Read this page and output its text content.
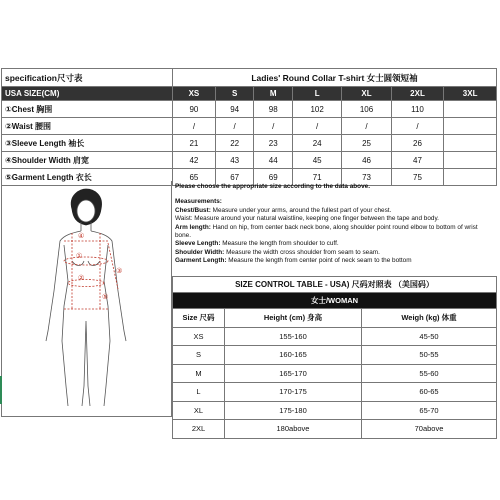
specification尺寸表	Ladies' Round Collar T-shirt 女士圆领短袖						
USA SIZE(CM)	XS	S	M	L	XL	2XL	3XL
①Chest 胸围	90	94	98	102	106	110	
②Waist 腰围	/	/	/	/	/	/	
③Sleeve Length 袖长	21	22	23	24	25	26	
④Shoulder Width 肩宽	42	43	44	45	46	47	
⑤Garment Length 衣长	65	67	69	71	73	75	
④
①
②
③
⑤
Please choose the appropriate size according to the data above.
Measurements:
Chest/Bust: Measure under your arms, around the fullest part of your chest.
Waist: Measure around your natural waistline, keeping one finger between the tape and body.
Arm length: Hand on hip, from center back neck bone, along shoulder point round elbow to bottom of wrist bone.
Sleeve Length: Measure the length from shoulder to cuff.
Shoulder Width: Measure the width cross shoulder from seam to seam.
Garment Length: Measure the length from center point of neck seam to the bottom
SIZE CONTROL TABLE - USA) 尺码对照表 （美国码）		
女士/WOMAN		
Size 尺码	Height (cm) 身高	Weigh (kg) 体重
XS	155-160	45-50
S	160-165	50-55
M	165-170	55-60
L	170-175	60-65
XL	175-180	65-70
2XL	180above	70above
